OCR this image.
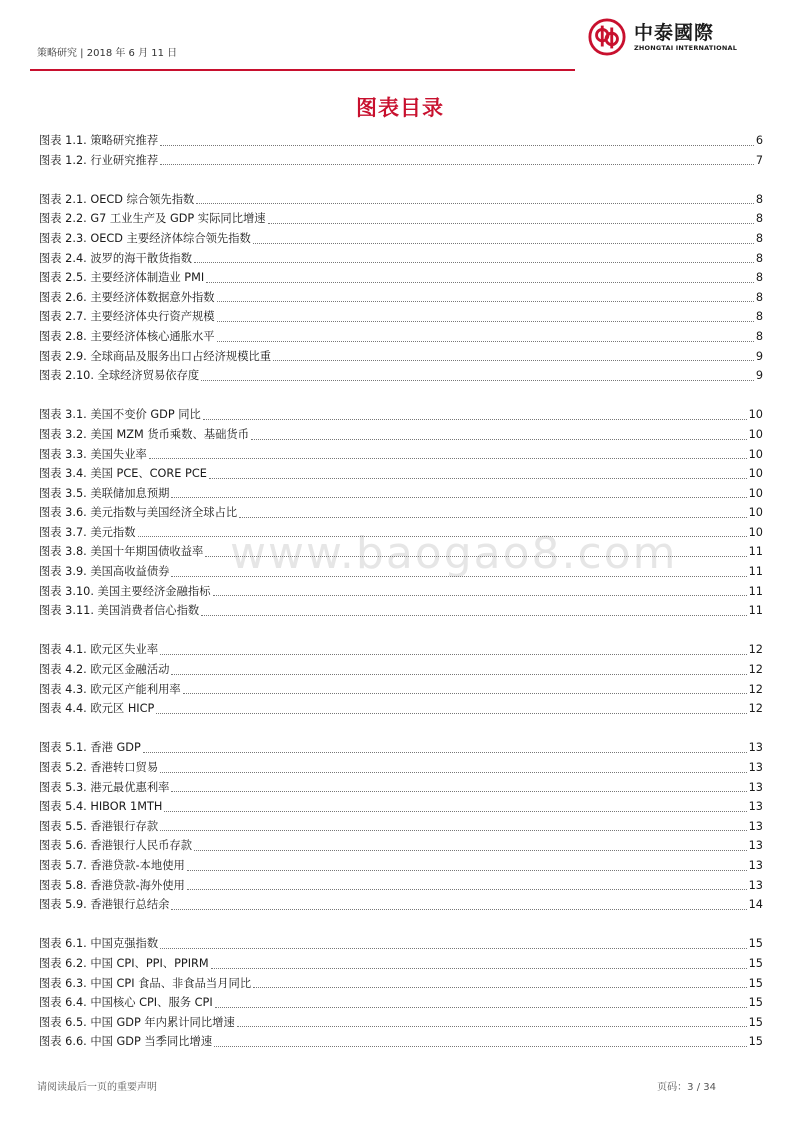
策略研究 | 2018 年 6 月 11 日
中泰國際
ZHONGTAI INTERNATIONAL
图表目录
www.baogao8.com
图表 1.1. 策略研究推荐	6
图表 1.2. 行业研究推荐	7
图表 2.1. OECD 综合领先指数	8
图表 2.2. G7 工业生产及 GDP 实际同比增速	8
图表 2.3. OECD 主要经济体综合领先指数	8
图表 2.4. 波罗的海干散货指数	8
图表 2.5. 主要经济体制造业 PMI	8
图表 2.6. 主要经济体数据意外指数	8
图表 2.7. 主要经济体央行资产规模	8
图表 2.8. 主要经济体核心通胀水平	8
图表 2.9. 全球商品及服务出口占经济规模比重	9
图表 2.10. 全球经济贸易依存度	9
图表 3.1. 美国不变价 GDP 同比	10
图表 3.2. 美国 MZM 货币乘数、基础货币	10
图表 3.3. 美国失业率	10
图表 3.4. 美国 PCE、CORE PCE	10
图表 3.5. 美联储加息预期	10
图表 3.6. 美元指数与美国经济全球占比	10
图表 3.7. 美元指数	10
图表 3.8. 美国十年期国债收益率	11
图表 3.9. 美国高收益债券	11
图表 3.10. 美国主要经济金融指标	11
图表 3.11. 美国消费者信心指数	11
图表 4.1. 欧元区失业率	12
图表 4.2. 欧元区金融活动	12
图表 4.3. 欧元区产能利用率	12
图表 4.4. 欧元区 HICP	12
图表 5.1. 香港 GDP	13
图表 5.2. 香港转口贸易	13
图表 5.3. 港元最优惠利率	13
图表 5.4. HIBOR 1MTH	13
图表 5.5. 香港银行存款	13
图表 5.6. 香港银行人民币存款	13
图表 5.7. 香港贷款-本地使用	13
图表 5.8. 香港贷款-海外使用	13
图表 5.9. 香港银行总结余	14
图表 6.1. 中国克强指数	15
图表 6.2. 中国 CPI、PPI、PPIRM	15
图表 6.3. 中国 CPI 食品、非食品当月同比	15
图表 6.4. 中国核心 CPI、服务 CPI	15
图表 6.5. 中国 GDP 年内累计同比增速	15
图表 6.6. 中国 GDP 当季同比增速	15
请阅读最后一页的重要声明	页码：3 / 34
